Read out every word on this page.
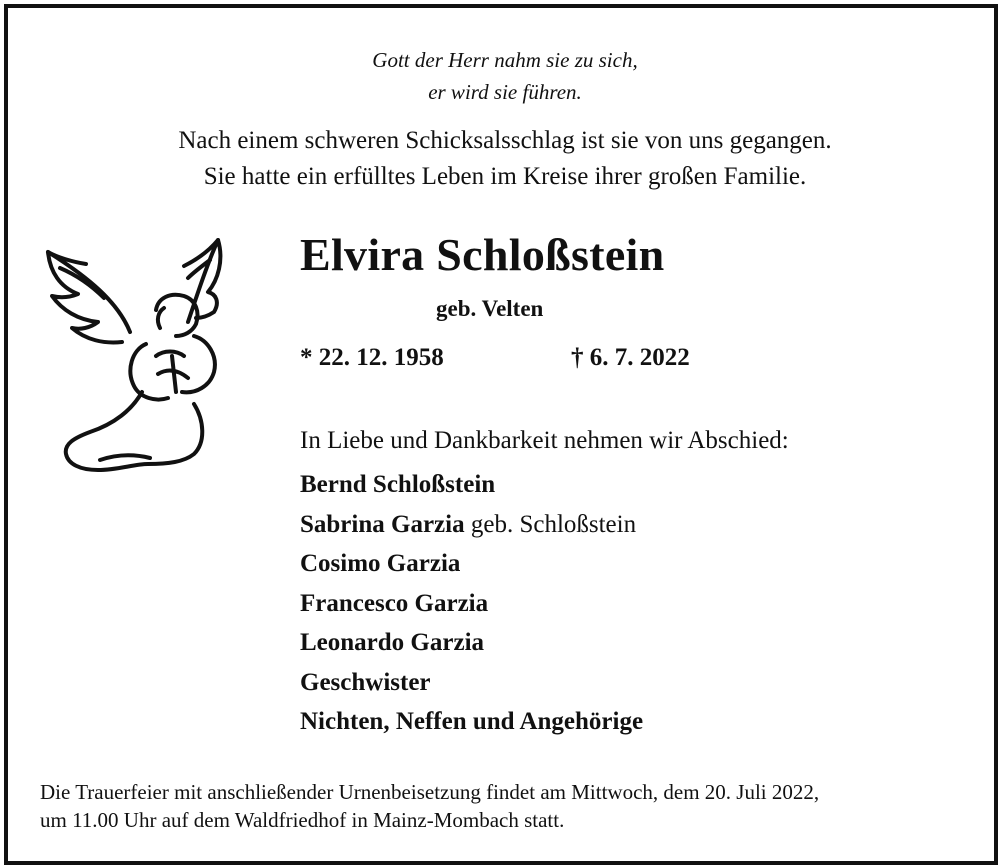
Gott der Herr nahm sie zu sich,
er wird sie führen.
Nach einem schweren Schicksalsschlag ist sie von uns gegangen.
Sie hatte ein erfülltes Leben im Kreise ihrer großen Familie.
Elvira Schloßstein
geb. Velten
* 22. 12. 1958	† 6. 7. 2022
In Liebe und Dankbarkeit nehmen wir Abschied:
Bernd Schloßstein
Sabrina Garzia geb. Schloßstein
Cosimo Garzia
Francesco Garzia
Leonardo Garzia
Geschwister
Nichten, Neffen und Angehörige
Die Trauerfeier mit anschließender Urnenbeisetzung findet am Mittwoch, dem 20. Juli 2022,
um 11.00 Uhr auf dem Waldfriedhof in Mainz-Mombach statt.
